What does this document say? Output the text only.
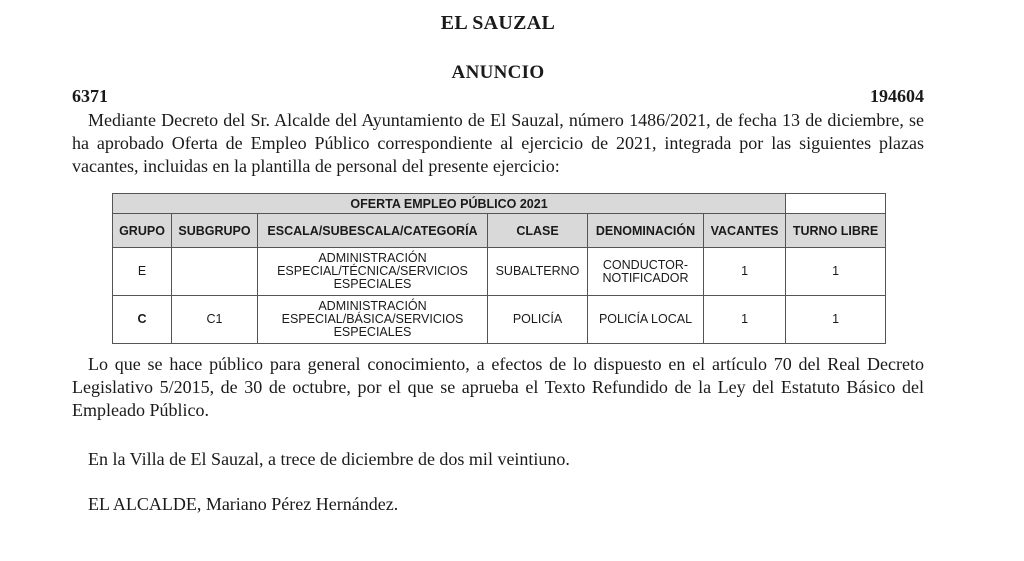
EL SAUZAL
ANUNCIO
6371	194604

Mediante Decreto del Sr. Alcalde del Ayuntamiento de El Sauzal, número 1486/2021, de fecha 13 de diciembre, se ha aprobado Oferta de Empleo Público correspondiente al ejercicio de 2021, integrada por las siguientes plazas vacantes, incluidas en la plantilla de personal del presente ejercicio:

OFERTA EMPLEO PÚBLICO 2021						
GRUPO	SUBGRUPO	ESCALA/SUBESCALA/CATEGORÍA	CLASE	DENOMINACIÓN	VACANTES	TURNO LIBRE
E		ADMINISTRACIÓN ESPECIAL/TÉCNICA/SERVICIOS ESPECIALES	SUBALTERNO	CONDUCTOR-NOTIFICADOR	1	1
C	C1	ADMINISTRACIÓN ESPECIAL/BÁSICA/SERVICIOS ESPECIALES	POLICÍA	POLICÍA LOCAL	1	1

Lo que se hace público para general conocimiento, a efectos de lo dispuesto en el artículo 70 del Real Decreto Legislativo 5/2015, de 30 de octubre, por el que se aprueba el Texto Refundido de la Ley del Estatuto Básico del Empleado Público.

En la Villa de El Sauzal, a trece de diciembre de dos mil veintiuno.

EL ALCALDE, Mariano Pérez Hernández.
